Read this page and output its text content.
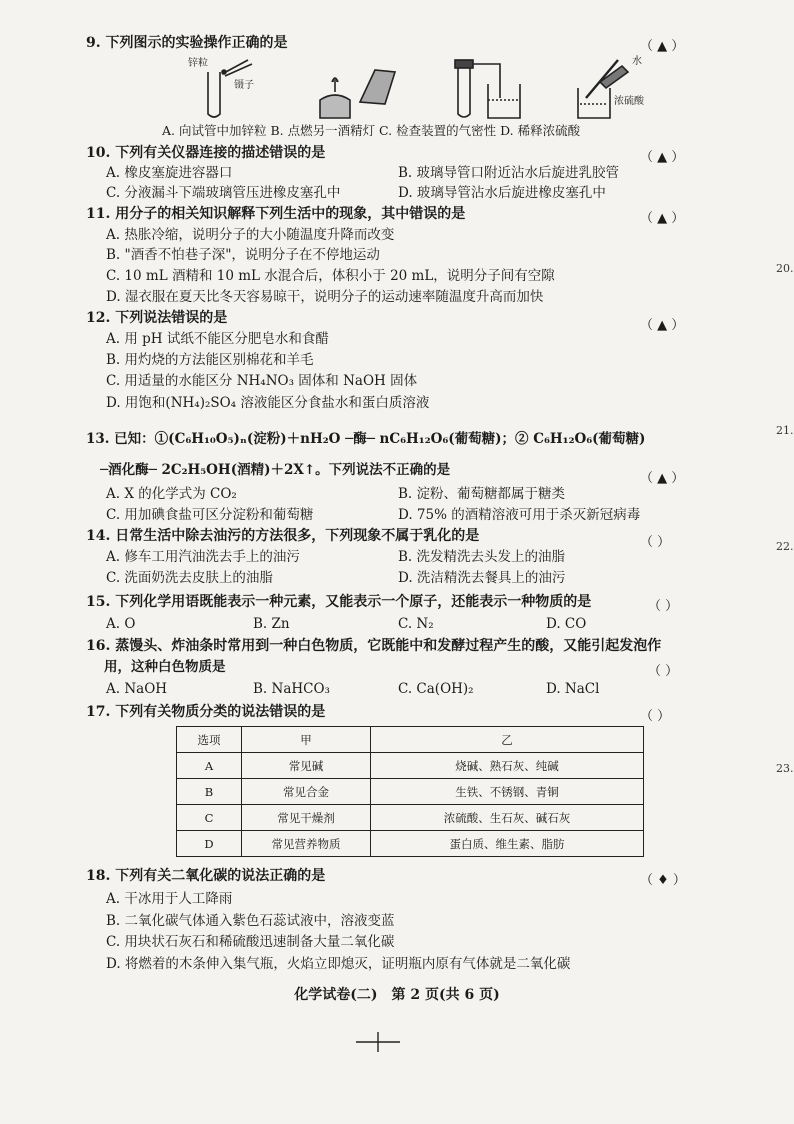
9. 下列图示的实验操作正确的是	（ ▲ ）
锌粒
镊子
水
浓硫酸
A. 向试管中加锌粒 B. 点燃另一酒精灯 C. 检查装置的气密性 D. 稀释浓硫酸
10. 下列有关仪器连接的描述错误的是	（ ▲ ）
A. 橡皮塞旋进容器口	B. 玻璃导管口附近沾水后旋进乳胶管
C. 分液漏斗下端玻璃管压进橡皮塞孔中	D. 玻璃导管沾水后旋进橡皮塞孔中
11. 用分子的相关知识解释下列生活中的现象，其中错误的是	（ ▲ ）
A. 热胀冷缩，说明分子的大小随温度升降而改变
B. "酒香不怕巷子深"，说明分子在不停地运动
C. 10 mL 酒精和 10 mL 水混合后，体积小于 20 mL，说明分子间有空隙
D. 湿衣服在夏天比冬天容易晾干，说明分子的运动速率随温度升高而加快
12. 下列说法错误的是	（ ▲ ）
A. 用 pH 试纸不能区分肥皂水和食醋
B. 用灼烧的方法能区别棉花和羊毛
C. 用适量的水能区分 NH₄NO₃ 固体和 NaOH 固体
D. 用饱和(NH₄)₂SO₄ 溶液能区分食盐水和蛋白质溶液
13. 已知：①(C₆H₁₀O₅)ₙ(淀粉)＋nH₂O ─酶─ nC₆H₁₂O₆(葡萄糖)；② C₆H₁₂O₆(葡萄糖)
─酒化酶─ 2C₂H₅OH(酒精)＋2X↑。下列说法不正确的是
（ ▲ ）
A. X 的化学式为 CO₂	B. 淀粉、葡萄糖都属于糖类
C. 用加碘食盐可区分淀粉和葡萄糖	D. 75% 的酒精溶液可用于杀灭新冠病毒
14. 日常生活中除去油污的方法很多，下列现象不属于乳化的是	（ ）
A. 修车工用汽油洗去手上的油污	B. 洗发精洗去头发上的油脂
C. 洗面奶洗去皮肤上的油脂	D. 洗洁精洗去餐具上的油污
15. 下列化学用语既能表示一种元素，又能表示一个原子，还能表示一种物质的是	（ ）
A. O	B. Zn	C. N₂	D. CO
16. 蒸馒头、炸油条时常用到一种白色物质，它既能中和发酵过程产生的酸，又能引起发泡作
用，这种白色物质是	（ ）
A. NaOH	B. NaHCO₃	C. Ca(OH)₂	D. NaCl
17. 下列有关物质分类的说法错误的是	（ ）
选项	甲	乙
A	常见碱	烧碱、熟石灰、纯碱
B	常见合金	生铁、不锈钢、青铜
C	常见干燥剂	浓硫酸、生石灰、碱石灰
D	常见营养物质	蛋白质、维生素、脂肪
18. 下列有关二氧化碳的说法正确的是	（ ♦ ）
A. 干冰用于人工降雨
B. 二氧化碳气体通入紫色石蕊试液中，溶液变蓝
C. 用块状石灰石和稀硫酸迅速制备大量二氧化碳
D. 将燃着的木条伸入集气瓶，火焰立即熄灭，证明瓶内原有气体就是二氧化碳
化学试卷(二)　第 2 页(共 6 页)
20.
21.
22.
23.
